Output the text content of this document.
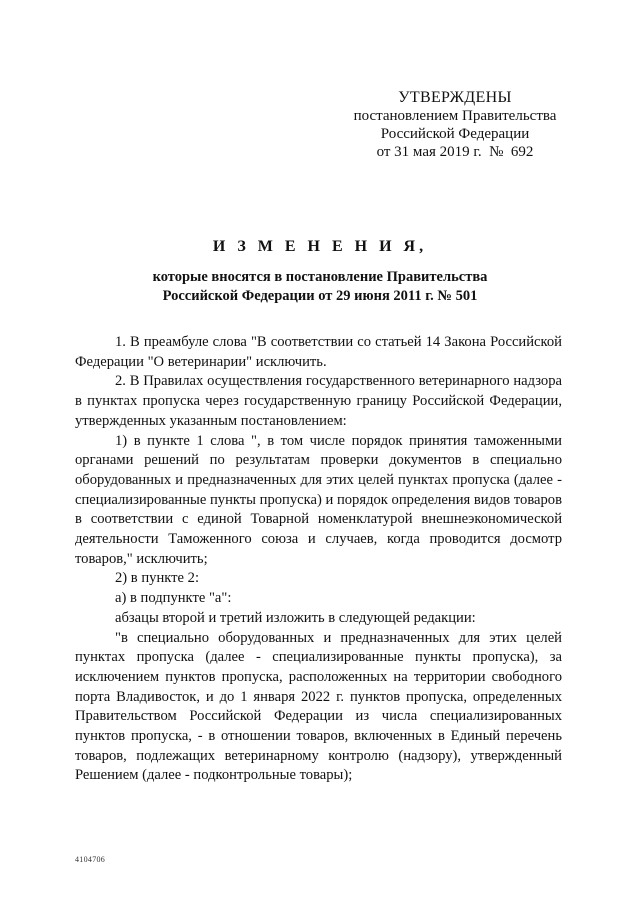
УТВЕРЖДЕНЫ
постановлением Правительства
Российской Федерации
от 31 мая 2019 г.  №  692
И З М Е Н Е Н И Я,
которые вносятся в постановление Правительства
Российской Федерации от 29 июня 2011 г. № 501

1. В преамбуле слова "В соответствии со статьей 14 Закона Российской Федерации "О ветеринарии" исключить.

2. В Правилах осуществления государственного ветеринарного надзора в пунктах пропуска через государственную границу Российской Федерации, утвержденных указанным постановлением:

1) в пункте 1 слова ", в том числе порядок принятия таможенными органами решений по результатам проверки документов в специально оборудованных и предназначенных для этих целей пунктах пропуска (далее - специализированные пункты пропуска) и порядок определения видов товаров в соответствии с единой Товарной номенклатурой внешнеэкономической деятельности Таможенного союза и случаев, когда проводится досмотр товаров," исключить;

2) в пункте 2:

а) в подпункте "а":

абзацы второй и третий изложить в следующей редакции:

"в специально оборудованных и предназначенных для этих целей пунктах пропуска (далее - специализированные пункты пропуска), за исключением пунктов пропуска, расположенных на территории свободного порта Владивосток, и до 1 января 2022 г. пунктов пропуска, определенных Правительством Российской Федерации из числа специализированных пунктов пропуска, - в отношении товаров, включенных в Единый перечень товаров, подлежащих ветеринарному контролю (надзору), утвержденный Решением (далее - подконтрольные товары);

4104706
